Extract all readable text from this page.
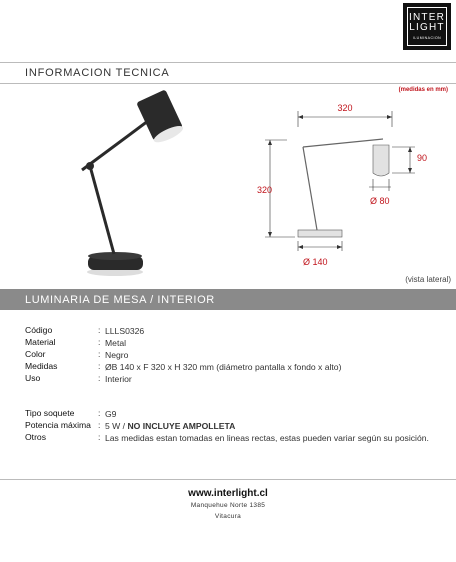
INTER
LIGHT
ILUMINACION
INFORMACION TECNICA
(medidas en mm)
320
320
90
Ø 80
Ø 140
(vista lateral)
LUMINARIA DE MESA / INTERIOR
Código	: LLLS0326
Material	: Metal
Color	: Negro
Medidas	: ØB 140 x F 320 x H 320 mm (diámetro pantalla x fondo x alto)
Uso	: Interior
Tipo soquete	: G9
Potencia máxima : 5 W / NO INCLUYE AMPOLLETA
Otros	: Las medidas estan tomadas en lineas rectas, estas pueden variar según su posición.
www.interlight.cl
Manquehue Norte 1385
Vitacura
